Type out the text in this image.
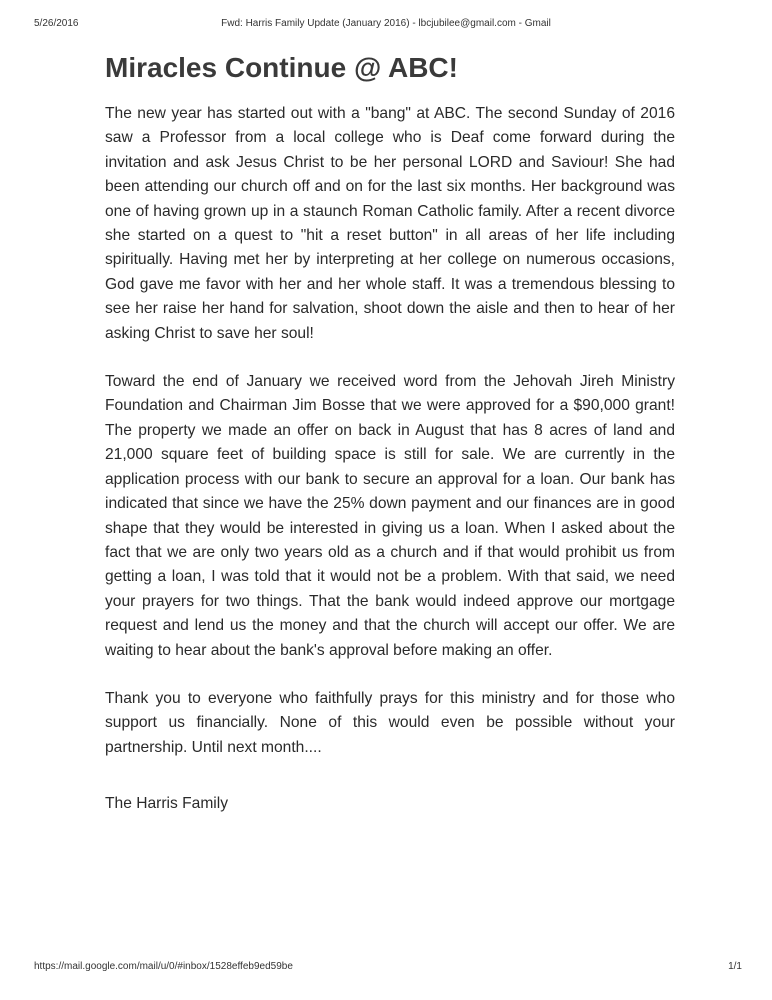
5/26/2016	Fwd: Harris Family Update (January 2016) - lbcjubilee@gmail.com - Gmail
Miracles Continue @ ABC!

The new year has started out with a "bang" at ABC. The second Sunday of 2016 saw a Professor from a local college who is Deaf come forward during the invitation and ask Jesus Christ to be her personal LORD and Saviour! She had been attending our church off and on for the last six months. Her background was one of having grown up in a staunch Roman Catholic family. After a recent divorce she started on a quest to "hit a reset button" in all areas of her life including spiritually. Having met her by interpreting at her college on numerous occasions, God gave me favor with her and her whole staff. It was a tremendous blessing to see her raise her hand for salvation, shoot down the aisle and then to hear of her asking Christ to save her soul!

Toward the end of January we received word from the Jehovah Jireh Ministry Foundation and Chairman Jim Bosse that we were approved for a $90,000 grant! The property we made an offer on back in August that has 8 acres of land and 21,000 square feet of building space is still for sale. We are currently in the application process with our bank to secure an approval for a loan. Our bank has indicated that since we have the 25% down payment and our finances are in good shape that they would be interested in giving us a loan. When I asked about the fact that we are only two years old as a church and if that would prohibit us from getting a loan, I was told that it would not be a problem. With that said, we need your prayers for two things. That the bank would indeed approve our mortgage request and lend us the money and that the church will accept our offer. We are waiting to hear about the bank's approval before making an offer.

Thank you to everyone who faithfully prays for this ministry and for those who support us financially. None of this would even be possible without your partnership. Until next month....

The Harris Family
https://mail.google.com/mail/u/0/#inbox/1528effeb9ed59be	1/1
